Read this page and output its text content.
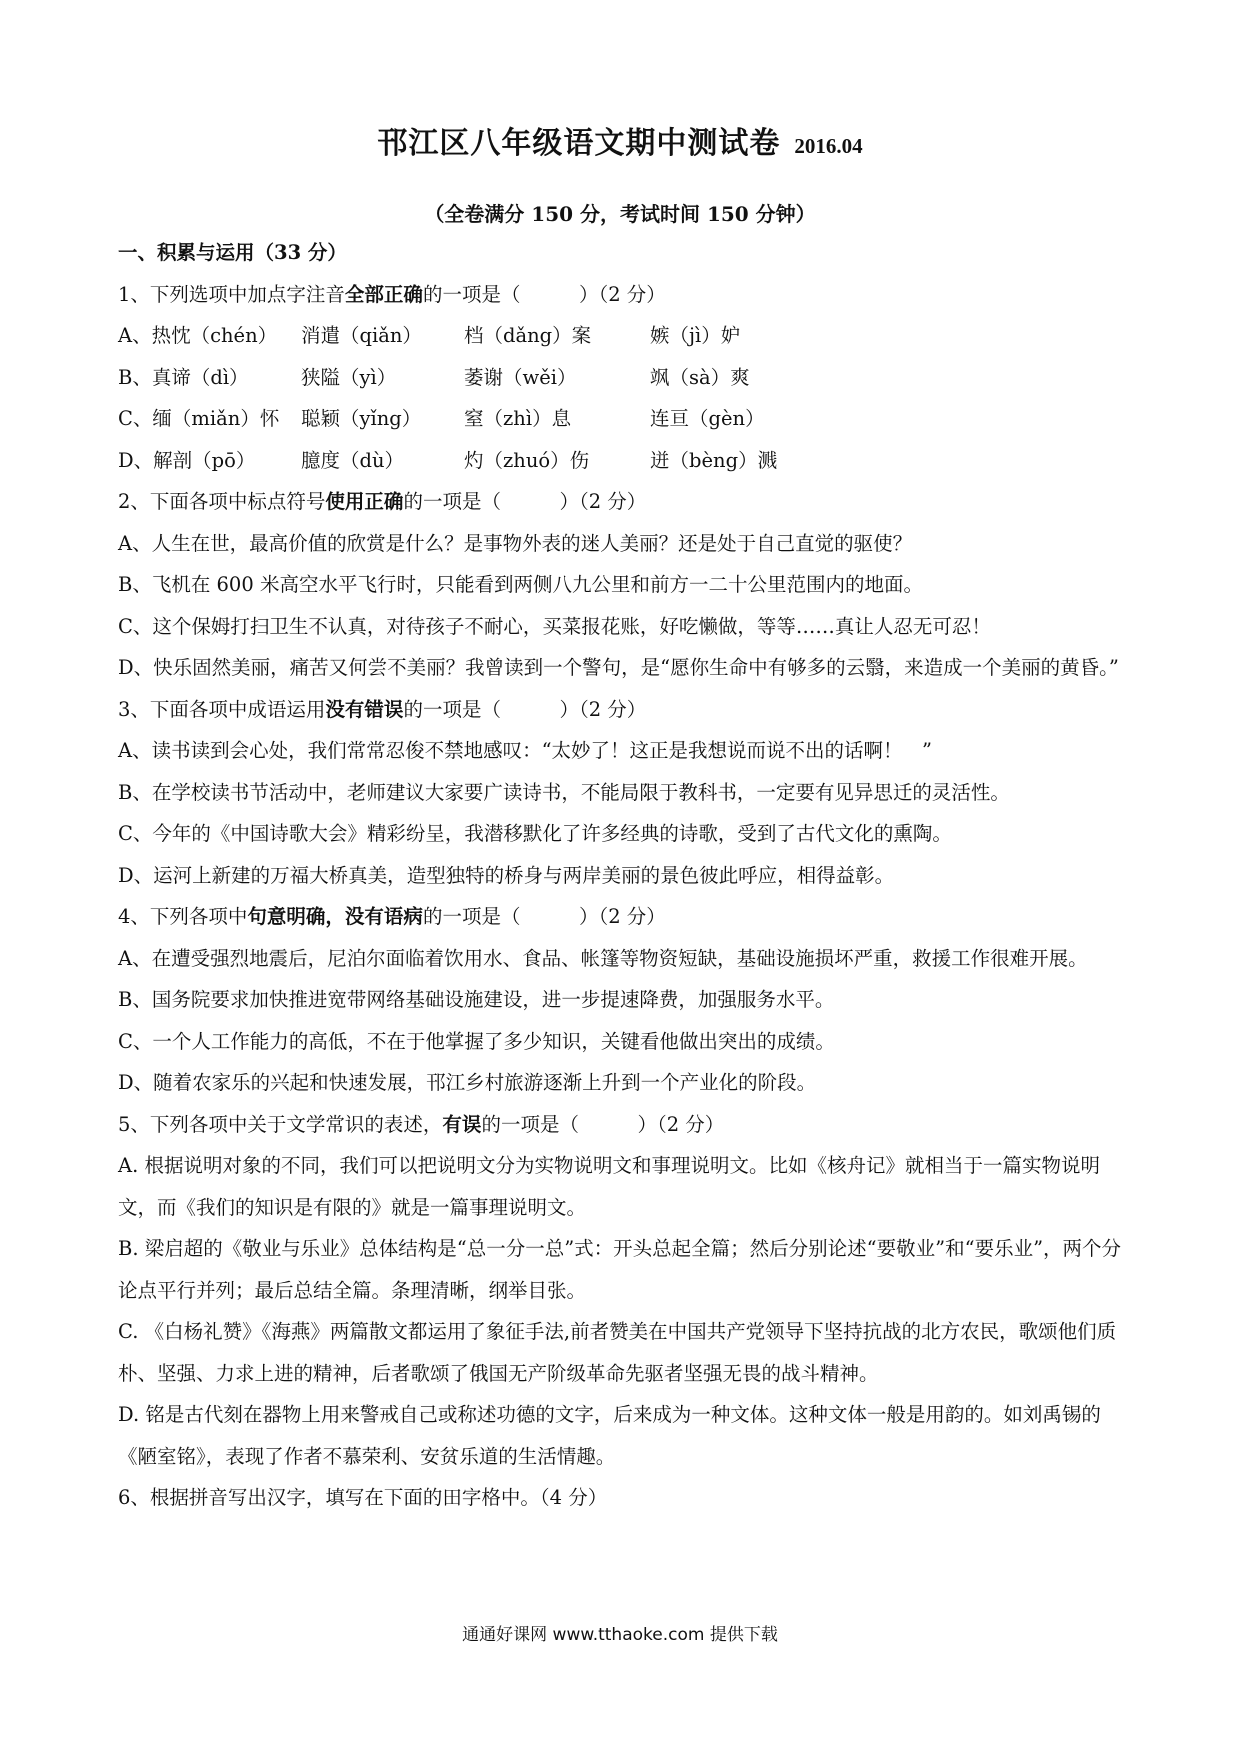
邗江区八年级语文期中测试卷 2016.04
（全卷满分 150 分，考试时间 150 分钟）
一、积累与运用（33 分）
1、下列选项中加点字注音全部正确的一项是（　　　）（2 分）
A、热忱（chén）	消遣（qiǎn）	档（dǎng）案	嫉（jì）妒
B、真谛（dì）	狭隘（yì）	萎谢（wěi）	飒（sà）爽
C、缅（miǎn）怀	聪颖（yǐng）	窒（zhì）息	连亘（gèn）
D、解剖（pō）	臆度（dù）	灼（zhuó）伤	迸（bèng）溅
2、下面各项中标点符号使用正确的一项是（　　　）（2 分）
A、人生在世，最高价值的欣赏是什么？是事物外表的迷人美丽？还是处于自己直觉的驱使？
B、飞机在 600 米高空水平飞行时，只能看到两侧八九公里和前方一二十公里范围内的地面。
C、这个保姆打扫卫生不认真，对待孩子不耐心，买菜报花账，好吃懒做，等等……真让人忍无可忍！
D、快乐固然美丽，痛苦又何尝不美丽？我曾读到一个警句，是“愿你生命中有够多的云翳，来造成一个美丽的黄昏。”
3、下面各项中成语运用没有错误的一项是（　　　）（2 分）
A、读书读到会心处，我们常常忍俊不禁地感叹：“太妙了！这正是我想说而说不出的话啊！　”
B、在学校读书节活动中，老师建议大家要广读诗书，不能局限于教科书，一定要有见异思迁的灵活性。
C、今年的《中国诗歌大会》精彩纷呈，我潜移默化了许多经典的诗歌，受到了古代文化的熏陶。
D、运河上新建的万福大桥真美，造型独特的桥身与两岸美丽的景色彼此呼应，相得益彰。
4、下列各项中句意明确，没有语病的一项是（　　　）（2 分）
A、在遭受强烈地震后，尼泊尔面临着饮用水、食品、帐篷等物资短缺，基础设施损坏严重，救援工作很难开展。
B、国务院要求加快推进宽带网络基础设施建设，进一步提速降费，加强服务水平。
C、一个人工作能力的高低，不在于他掌握了多少知识，关键看他做出突出的成绩。
D、随着农家乐的兴起和快速发展，邗江乡村旅游逐渐上升到一个产业化的阶段。
5、下列各项中关于文学常识的表述，有误的一项是（　　　）（2 分）
A. 根据说明对象的不同，我们可以把说明文分为实物说明文和事理说明文。比如《核舟记》就相当于一篇实物说明文，而《我们的知识是有限的》就是一篇事理说明文。
B. 梁启超的《敬业与乐业》总体结构是“总一分一总”式：开头总起全篇；然后分别论述“要敬业”和“要乐业”，两个分论点平行并列；最后总结全篇。条理清晰，纲举目张。
C. 《白杨礼赞》《海燕》两篇散文都运用了象征手法,前者赞美在中国共产党领导下坚持抗战的北方农民，歌颂他们质朴、坚强、力求上进的精神，后者歌颂了俄国无产阶级革命先驱者坚强无畏的战斗精神。
D. 铭是古代刻在器物上用来警戒自己或称述功德的文字，后来成为一种文体。这种文体一般是用韵的。如刘禹锡的《陋室铭》，表现了作者不慕荣利、安贫乐道的生活情趣。
6、根据拼音写出汉字，填写在下面的田字格中。（4 分）
通通好课网 www.tthaoke.com 提供下载
